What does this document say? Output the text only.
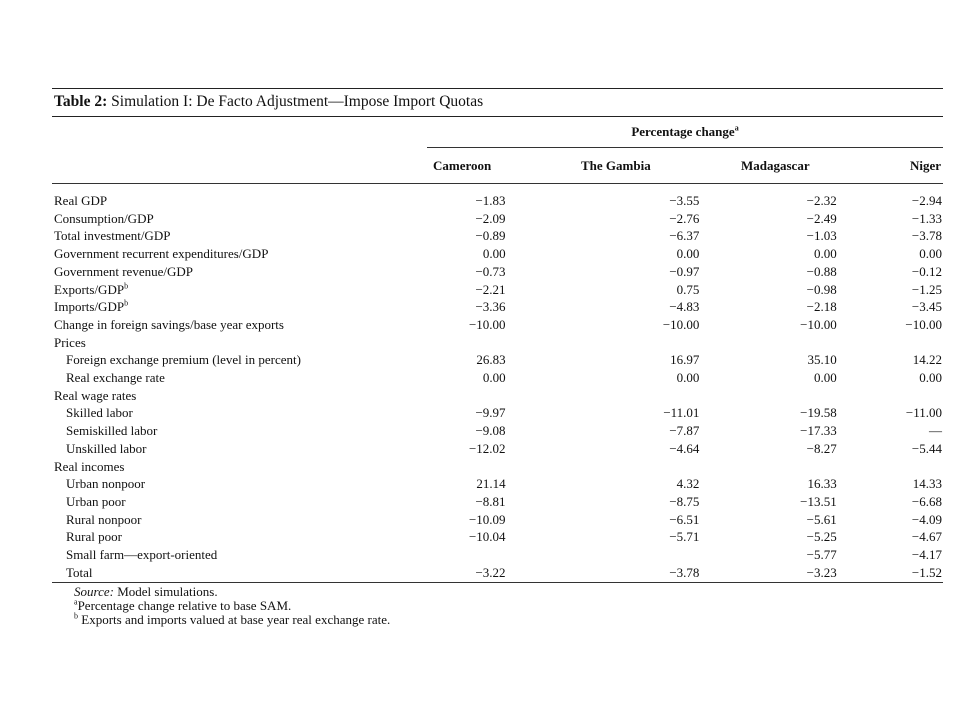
Table 2: Simulation I: De Facto Adjustment—Impose Import Quotas
Percentage change$^a$
Cameroon	The Gambia	Madagascar	Niger
Real GDP	−1.83	−3.55	−2.32	−2.94
Consumption/GDP	−2.09	−2.76	−2.49	−1.33
Total investment/GDP	−0.89	−6.37	−1.03	−3.78
Government recurrent expenditures/GDP	0.00	0.00	0.00	0.00
Government revenue/GDP	−0.73	−0.97	−0.88	−0.12
Exports/$GDP^b$	−2.21	0.75	−0.98	−1.25
Imports/$GDP^b$	−3.36	−4.83	−2.18	−3.45
Change in foreign savings/base year exports	−10.00	−10.00	−10.00	−10.00
Prices				
Foreign exchange premium (level in percent)	26.83	16.97	35.10	14.22
Real exchange rate	0.00	0.00	0.00	0.00
Real wage rates				
Skilled labor	−9.97	−11.01	−19.58	−11.00
Semiskilled labor	−9.08	−7.87	−17.33	—
Unskilled labor	−12.02	−4.64	−8.27	−5.44
Real incomes				
Urban nonpoor	21.14	4.32	16.33	14.33
Urban poor	−8.81	−8.75	−13.51	−6.68
Rural nonpoor	−10.09	−6.51	−5.61	−4.09
Rural poor	−10.04	−5.71	−5.25	−4.67
Small farm—export-oriented			−5.77	−4.17
Total	−3.22	−3.78	−3.23	−1.52
Source: Model simulations.
$^a$Percentage change relative to base SAM.
$^b$ Exports and imports valued at base year real exchange rate.
